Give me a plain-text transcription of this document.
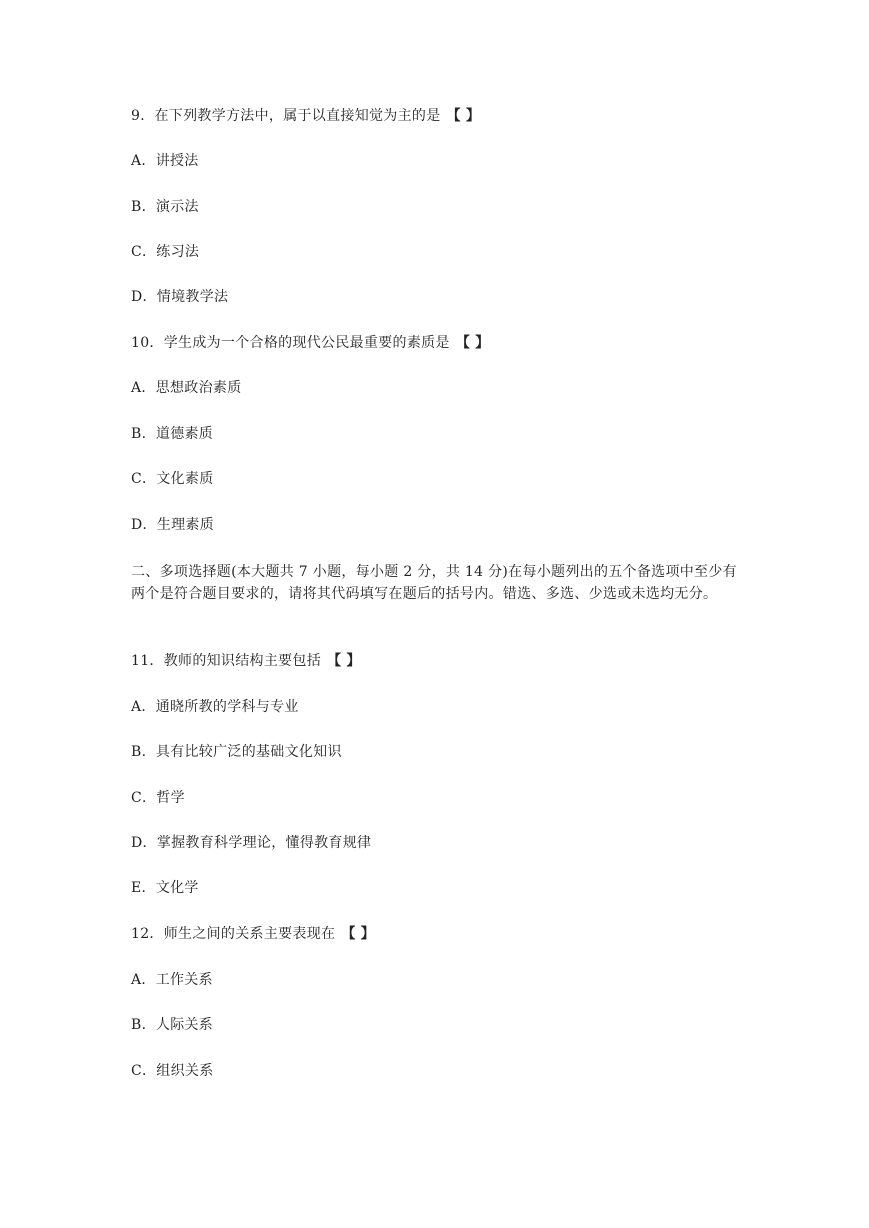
9．在下列教学方法中，属于以直接知觉为主的是 【 】
A．讲授法
B．演示法
C．练习法
D．情境教学法
10．学生成为一个合格的现代公民最重要的素质是 【 】
A．思想政治素质
B．道德素质
C．文化素质
D．生理素质
二、多项选择题(本大题共 7 小题，每小题 2 分，共 14 分)在每小题列出的五个备选项中至少有两个是符合题目要求的，请将其代码填写在题后的括号内。错选、多选、少选或未选均无分。
11．教师的知识结构主要包括 【 】
A．通晓所教的学科与专业
B．具有比较广泛的基础文化知识
C．哲学
D．掌握教育科学理论，懂得教育规律
E．文化学
12．师生之间的关系主要表现在 【 】
A．工作关系
B．人际关系
C．组织关系
